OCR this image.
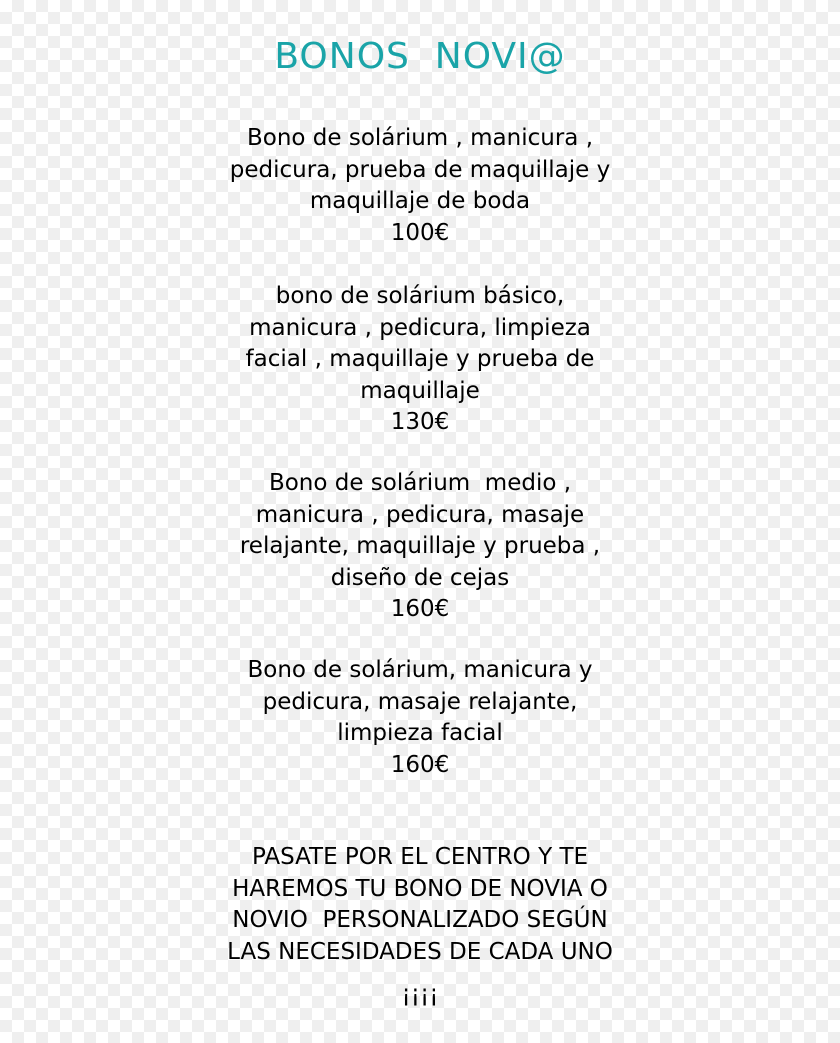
BONOS  NOVI@
Bono de solárium , manicura ,
pedicura, prueba de maquillaje y
maquillaje de boda
100€
bono de solárium básico,
manicura , pedicura, limpieza
facial , maquillaje y prueba de
maquillaje
130€
Bono de solárium  medio ,
manicura , pedicura, masaje
relajante, maquillaje y prueba ,
diseño de cejas
160€
Bono de solárium, manicura y
pedicura, masaje relajante,
limpieza facial
160€
PASATE POR EL CENTRO Y TE
HAREMOS TU BONO DE NOVIA O
NOVIO  PERSONALIZADO SEGÚN
LAS NECESIDADES DE CADA UNO
¡¡¡¡
